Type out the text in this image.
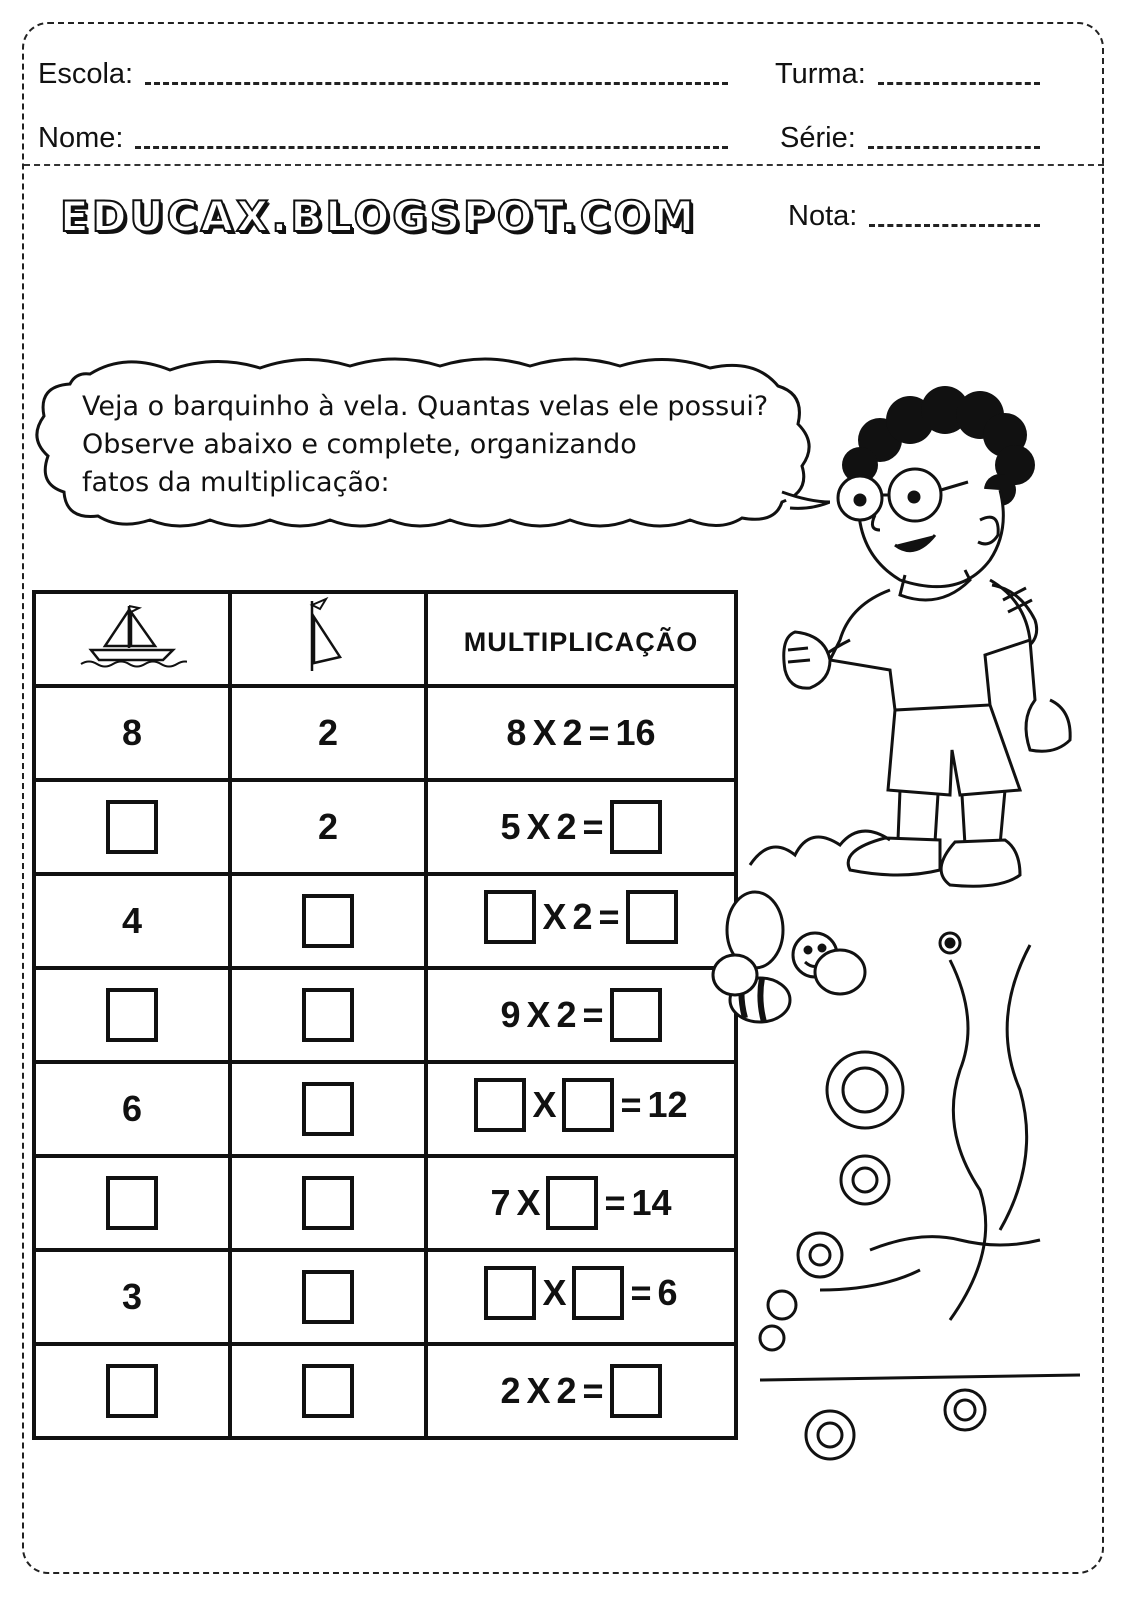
Escola:	Turma:
Nome:	Série:
EDUCAX.BLOGSPOT.COM	Nota:
Veja o barquinho à vela. Quantas velas ele possui?
Observe abaixo e complete, organizando
fatos da multiplicação:
		MULTIPLICAÇÃO
8	2	8 X 2 = 16

	2	5 X 2 =

4		X 2 =

		9 X 2 =

6		X = 12

		7 X = 14

3		X = 6

		2 X 2 =
